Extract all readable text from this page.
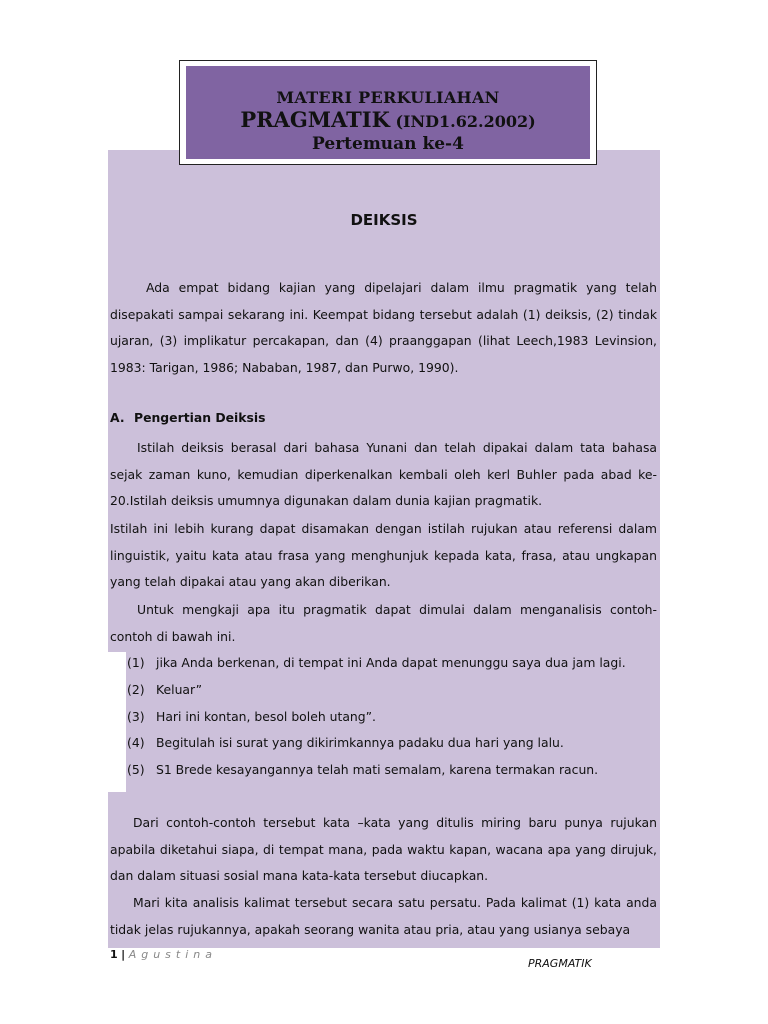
MATERI PERKULIAHAN
PRAGMATIK (IND1.62.2002)
Pertemuan ke-4
DEIKSIS

Ada empat bidang kajian yang dipelajari dalam ilmu pragmatik yang telah disepakati sampai sekarang ini. Keempat bidang tersebut adalah (1) deiksis, (2) tindak ujaran, (3) implikatur percakapan, dan (4) praanggapan (lihat Leech,1983 Levinsion, 1983: Tarigan, 1986; Nababan, 1987, dan Purwo, 1990).

A. Pengertian Deiksis

Istilah deiksis berasal dari bahasa Yunani dan telah dipakai dalam tata bahasa sejak zaman kuno, kemudian diperkenalkan kembali oleh kerl Buhler pada abad ke-20.Istilah deiksis umumnya digunakan dalam dunia kajian pragmatik.

Istilah ini lebih kurang dapat disamakan dengan istilah rujukan atau referensi dalam linguistik, yaitu kata atau frasa yang menghunjuk kepada kata, frasa, atau ungkapan yang telah dipakai atau yang akan diberikan.

Untuk mengkaji apa itu pragmatik dapat dimulai dalam menganalisis contoh-contoh di bawah ini.

(1) jika Anda berkenan, di tempat ini Anda dapat menunggu saya dua jam lagi.
(2) Keluar”
(3) Hari ini kontan, besol boleh utang”.
(4) Begitulah isi surat yang dikirimkannya padaku dua hari yang lalu.
(5) S1 Brede kesayangannya telah mati semalam, karena termakan racun.

Dari contoh-contoh tersebut kata –kata yang ditulis miring baru punya rujukan apabila diketahui siapa, di tempat mana, pada waktu kapan, wacana apa yang dirujuk, dan dalam situasi sosial mana kata-kata tersebut diucapkan.

Mari kita analisis kalimat tersebut secara satu persatu. Pada kalimat (1) kata anda tidak jelas rujukannya, apakah seorang wanita atau pria, atau yang usianya sebaya

1 | Agustina
PRAGMATIK
